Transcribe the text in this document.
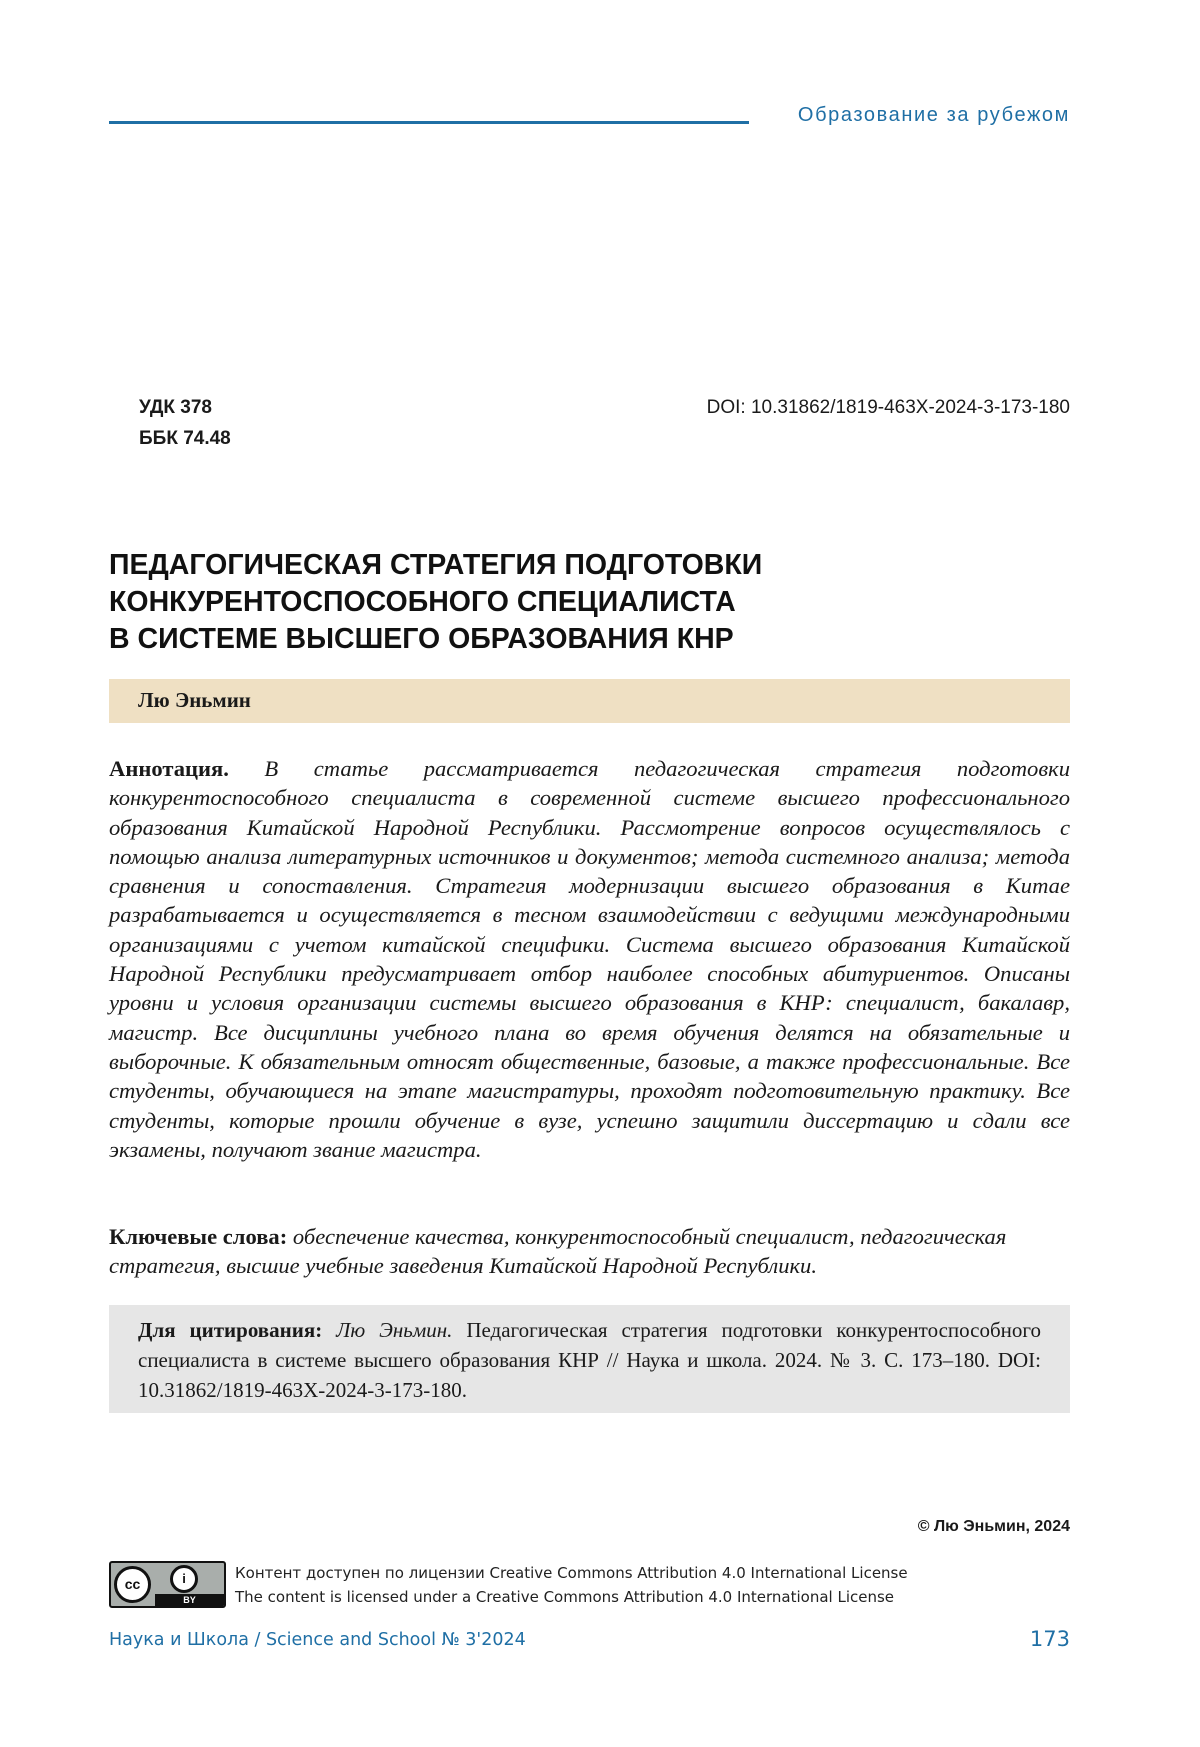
Образование за рубежом
УДК 378
ББК 74.48
DOI: 10.31862/1819-463X-2024-3-173-180
ПЕДАГОГИЧЕСКАЯ СТРАТЕГИЯ ПОДГОТОВКИ
КОНКУРЕНТОСПОСОБНОГО СПЕЦИАЛИСТА
В СИСТЕМЕ ВЫСШЕГО ОБРАЗОВАНИЯ КНР
Лю Эньмин
Аннотация. В статье рассматривается педагогическая стратегия подготовки конкурентоспособного специалиста в современной системе высшего профессионального образования Китайской Народной Республики. Рассмотрение вопросов осуществлялось с помощью анализа литературных источников и документов; метода системного анализа; метода сравнения и сопоставления. Стратегия модернизации высшего образования в Китае разрабатывается и осуществляется в тесном взаимодействии с ведущими международными организациями с учетом китайской специфики. Система высшего образования Китайской Народной Республики предусматривает отбор наиболее способных абитуриентов. Описаны уровни и условия организации системы высшего образования в КНР: специалист, бакалавр, магистр. Все дисциплины учебного плана во время обучения делятся на обязательные и выборочные. К обязательным относят общественные, базовые, а также профессиональные. Все студенты, обучающиеся на этапе магистратуры, проходят подготовительную практику. Все студенты, которые прошли обучение в вузе, успешно защитили диссертацию и сдали все экзамены, получают звание магистра.
Ключевые слова: обеспечение качества, конкурентоспособный специалист, педагогическая стратегия, высшие учебные заведения Китайской Народной Республики.
Для цитирования: Лю Эньмин. Педагогическая стратегия подготовки конкурентоспособного специалиста в системе высшего образования КНР // Наука и школа. 2024. № 3. С. 173–180. DOI: 10.31862/1819-463X-2024-3-173-180.
© Лю Эньмин, 2024
cc	i
BY
Контент доступен по лицензии Creative Commons Attribution 4.0 International License
The content is licensed under a Creative Commons Attribution 4.0 International License
Наука и Школа / Science and School № 3'2024	173
